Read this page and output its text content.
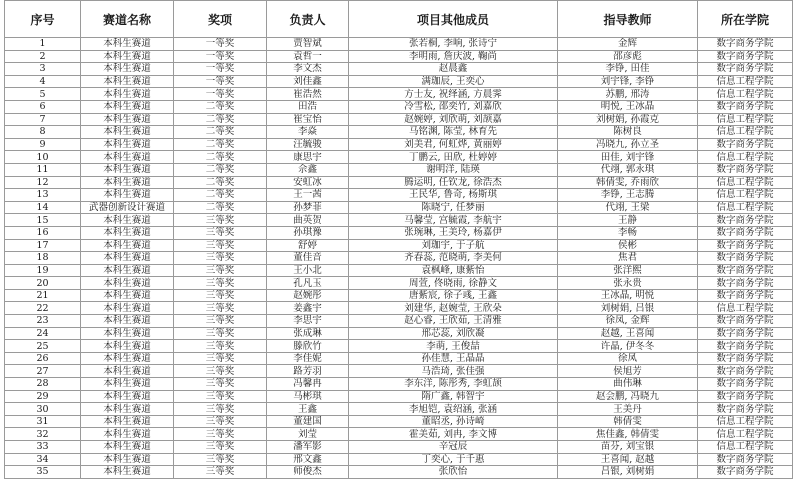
序号	赛道名称	奖项	负责人	项目其他成员	指导教师	所在学院
1	本科生赛道	一等奖	贾智斌	张若桐, 李响, 张诗宁	金辉	数字商务学院
2	本科生赛道	一等奖	袁哲一	李明雨, 詹庆波, 鞠尚	邵彦彪	数字商务学院
3	本科生赛道	一等奖	李文杰	赵晨鑫	李铮, 田佳	数字商务学院
4	本科生赛道	一等奖	刘佳鑫	满珈辰, 王奕心	刘宇锋, 李铮	信息工程学院
5	本科生赛道	一等奖	崔浩然	方士友, 祝绎涵, 方晨霁	苏鹏, 邢涛	信息工程学院
6	本科生赛道	二等奖	田浩	冷雪松, 邵奕竹, 刘嘉欣	明悦, 王冰晶	数字商务学院
7	本科生赛道	二等奖	崔宝怡	赵婉婷, 刘欣萌, 刘颉嘉	刘树娟, 孙霞克	信息工程学院
8	本科生赛道	二等奖	李焱	马铭渊, 陈莹, 林育先	陈树良	信息工程学院
9	本科生赛道	二等奖	汪毓骏	刘美君, 何虹烨, 黄丽婷	冯晓九, 孙立圣	数字商务学院
10	本科生赛道	二等奖	康思宇	丁鹏云, 田欣, 杜婷婷	田佳, 刘宇锋	信息工程学院
11	本科生赛道	二等奖	佘鑫	谢明洋, 陆瑛	代翊, 郭永琪	数字商务学院
12	本科生赛道	二等奖	安虹冰	腾运明, 任钦龙, 徐浩杰	韩倩雯, 乔雨欣	信息工程学院
13	本科生赛道	二等奖	王一茜	王民华, 鲁奇, 杨斯琪	李铮, 王志腾	信息工程学院
14	武器创新设计赛道	二等奖	孙梦菲	陈晓宁, 任梦丽	代翊, 王梁	信息工程学院
15	本科生赛道	三等奖	曲英贺	马馨莹, 宫毓霞, 李航宇	王静	数字商务学院
16	本科生赛道	三等奖	孙琪豫	张琬琳, 王美玲, 杨嘉伊	李畅	数字商务学院
17	本科生赛道	三等奖	舒婷	刘珈宇, 于子航	侯彬	数字商务学院
18	本科生赛道	三等奖	董佳音	齐春蕊, 范晓萌, 李美何	焦君	数字商务学院
19	本科生赛道	三等奖	王小北	袁枫峰, 康紫怡	张洋熙	数字商务学院
20	本科生赛道	三等奖	孔凡玉	周萱, 佟晓雨, 徐静文	张永贵	数字商务学院
21	本科生赛道	三等奖	赵婉彤	唐紫宸, 徐子彧, 王鑫	王冰晶, 明悦	数字商务学院
22	本科生赛道	三等奖	姜鑫宇	刘建华, 赵婉莹, 王欣朵	刘树娟, 吕银	信息工程学院
23	本科生赛道	三等奖	李思宇	赵心睿, 王欣茹, 王清雅	徐凤, 金辉	数字商务学院
24	本科生赛道	三等奖	张成琳	邢芯蕊, 刘欣凝	赵越, 王喜闻	数字商务学院
25	本科生赛道	三等奖	滕欣竹	李萌, 王俊喆	许晶, 伊冬冬	数字商务学院
26	本科生赛道	三等奖	李佳妮	孙佳慧, 王晶晶	徐凤	数字商务学院
27	本科生赛道	三等奖	路芳羽	马浩琦, 张佳强	侯旭芳	数字商务学院
28	本科生赛道	三等奖	冯馨冉	李东洋, 陈彤秀, 李虹颉	曲伟琳	数字商务学院
29	本科生赛道	三等奖	马彬琪	隋广鑫, 韩智宇	赵会鹏, 冯晓九	数字商务学院
30	本科生赛道	三等奖	王鑫	李旭铠, 袁绍涵, 张涵	王美丹	数字商务学院
31	本科生赛道	三等奖	董建国	董昭丞, 孙诗崎	韩倩雯	信息工程学院
32	本科生赛道	三等奖	刘莹	霍美茹, 刘冉, 李文博	焦佳鑫, 韩倩雯	信息工程学院
33	本科生赛道	三等奖	潘军影	辛冠辰	苗芬, 刘宝银	信息工程学院
34	本科生赛道	三等奖	邢文鑫	丁奕心, 于千惠	王喜闻, 赵越	数字商务学院
35	本科生赛道	三等奖	师俊杰	张欣怡	吕银, 刘树娟	数字商务学院
